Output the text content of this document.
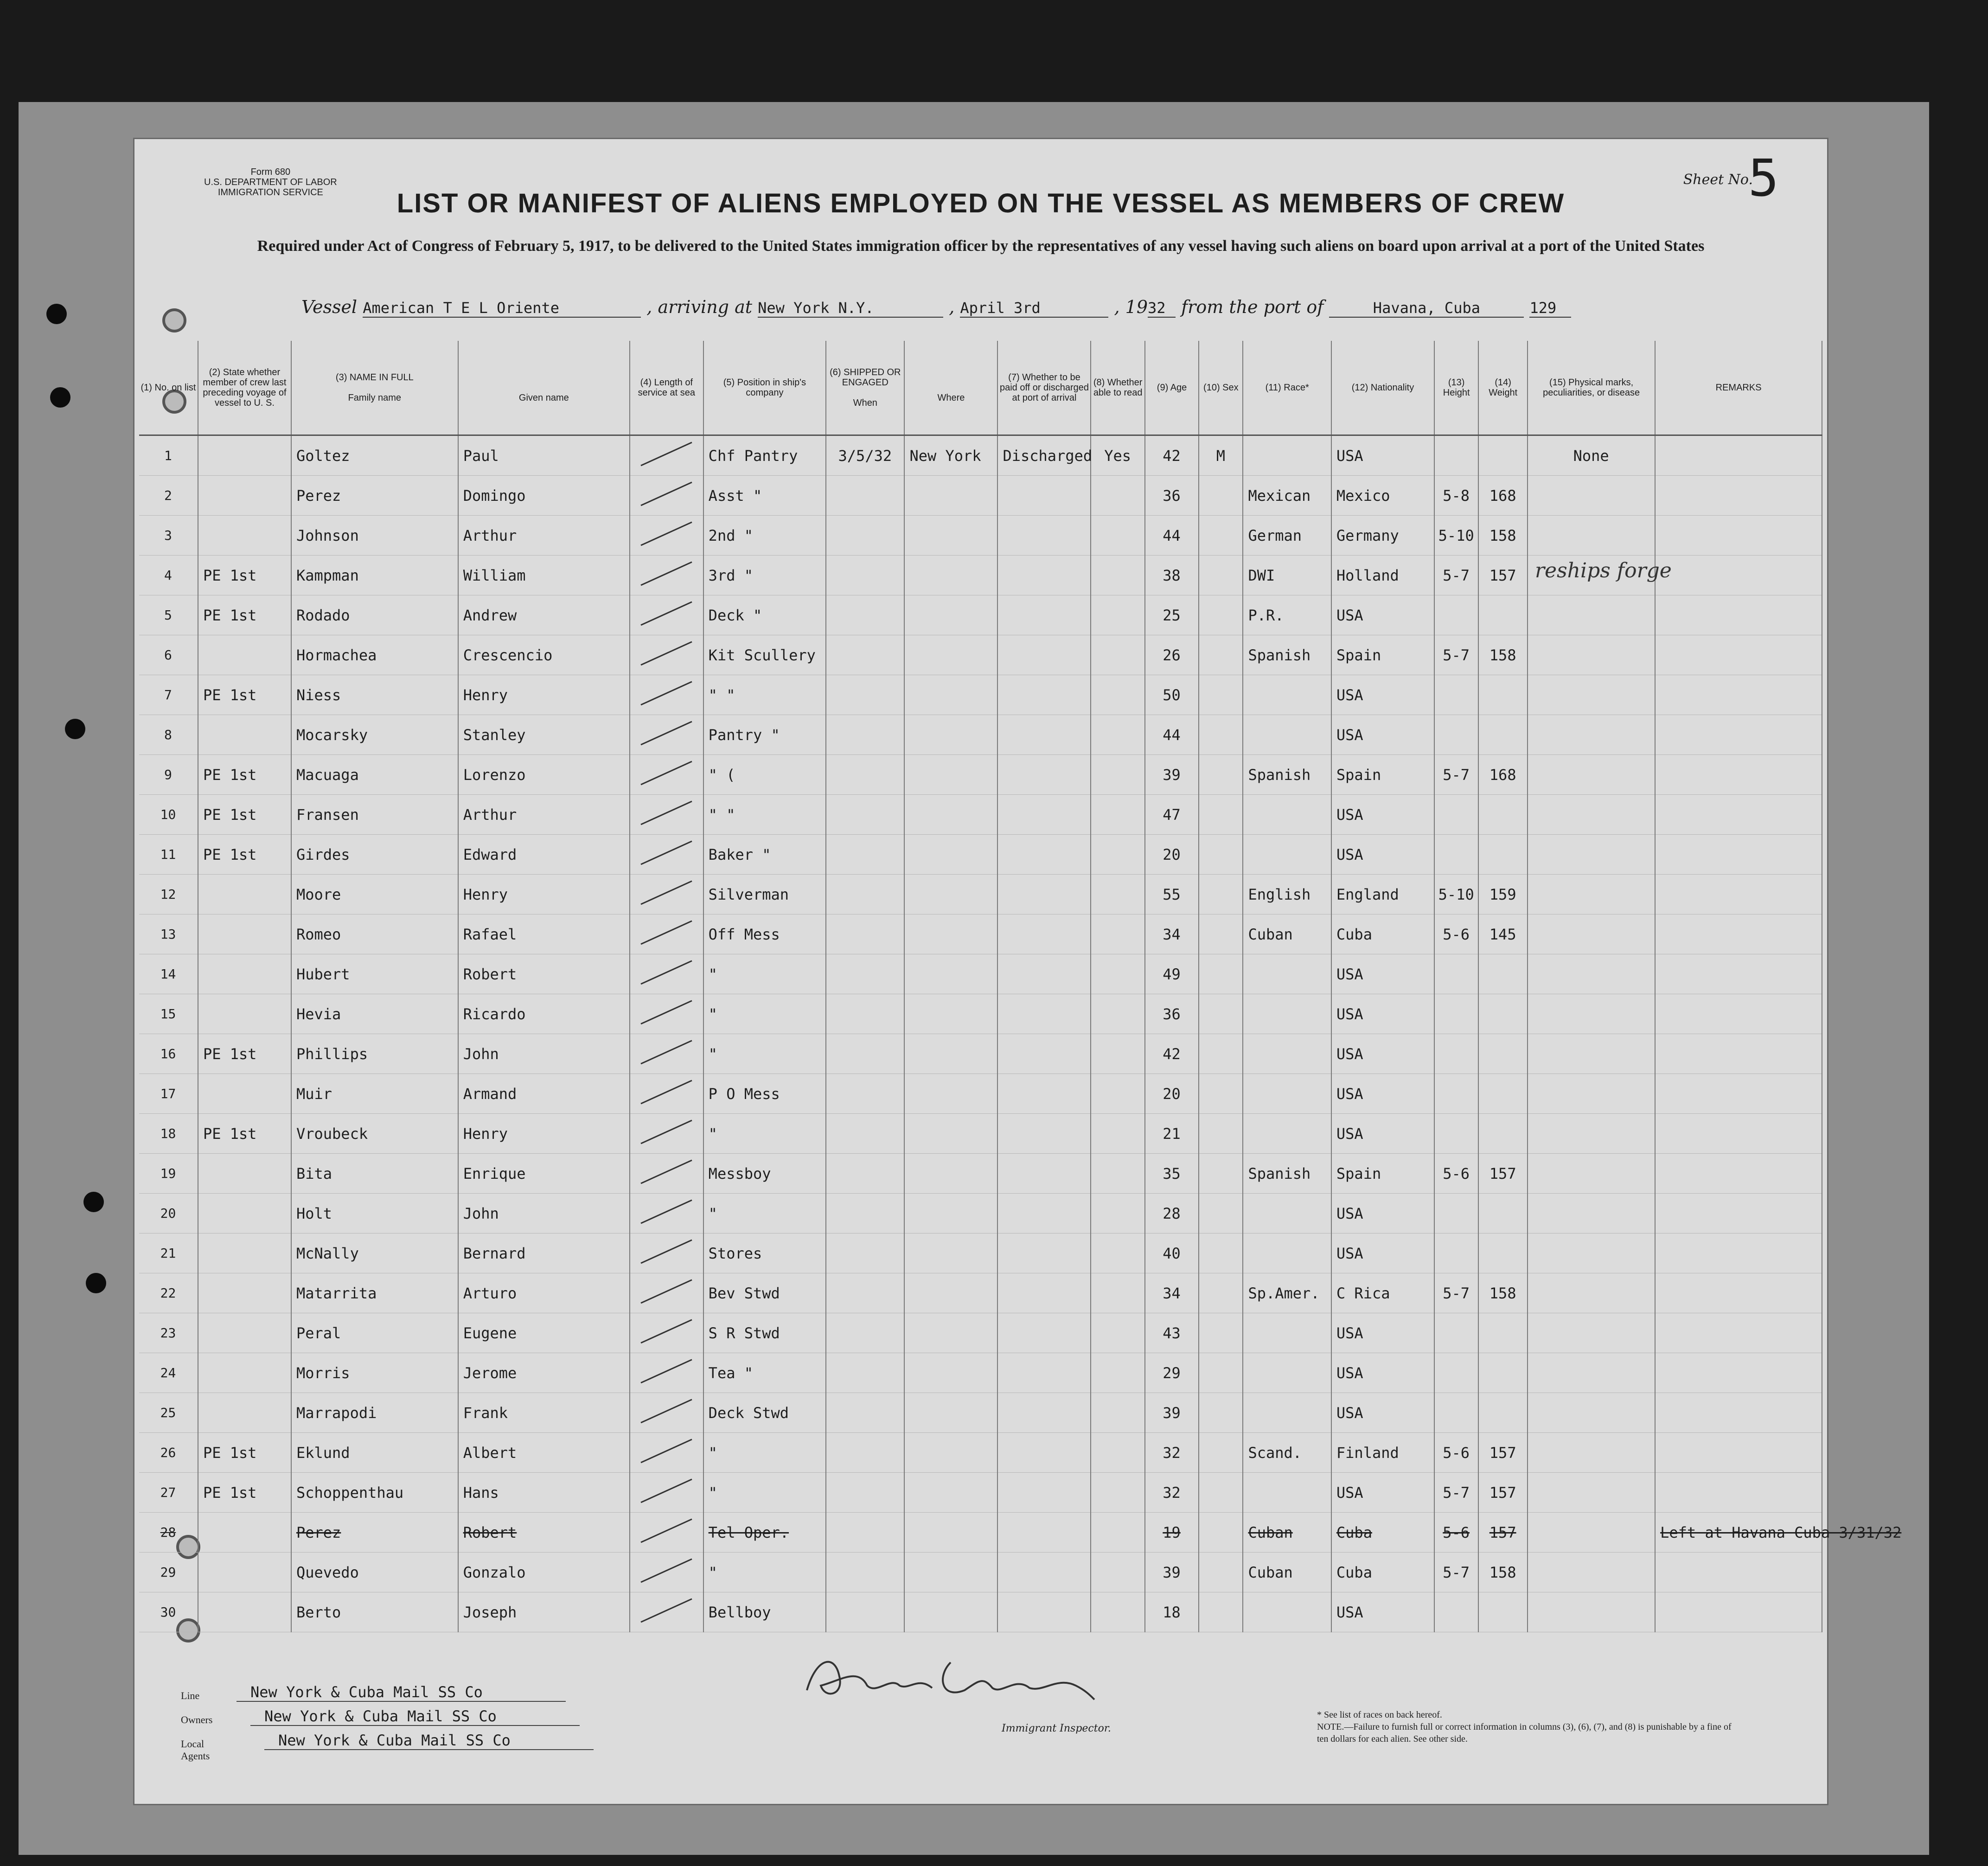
Form 680
U.S. DEPARTMENT OF LABOR
IMMIGRATION SERVICE
Sheet No.
5
LIST OR MANIFEST OF ALIENS EMPLOYED ON THE VESSEL AS MEMBERS OF CREW
Required under Act of Congress of February 5, 1917, to be delivered to the United States immigration officer by the representatives of any vessel having such aliens on board upon arrival at a port of the United States
Vessel American T E L Oriente	, arriving at New York N.Y.	, April 3rd	, 1932 from the port of	Havana, Cuba	129
(1) No. on list	(2) State whether member of crew last preceding voyage of vessel to U. S.	(3) NAME IN FULL

Family name	Given name	(4) Length of service at sea	(5) Position in ship's company	(6) SHIPPED OR ENGAGED

When	Where	(7) Whether to be paid off or discharged at port of arrival	(8) Whether able to read	(9) Age	(10) Sex	(11) Race*	(12) Nationality	(13) Height	(14) Weight	(15) Physical marks, peculiarities, or disease	REMARKS
1		Goltez	Paul		Chf Pantry	3/5/32	New York	Discharged	Yes	42	M		USA			None	
2		Perez	Domingo		Asst "					36		Mexican	Mexico	5-8	168		
3		Johnson	Arthur		2nd "					44		German	Germany	5-10	158		
4	PE 1st	Kampman	William		3rd "					38		DWI	Holland	5-7	157		
5	PE 1st	Rodado	Andrew		Deck "					25		P.R.	USA				
6		Hormachea	Crescencio		Kit Scullery					26		Spanish	Spain	5-7	158		
7	PE 1st	Niess	Henry		" "					50			USA				
8		Mocarsky	Stanley		Pantry "					44			USA				
9	PE 1st	Macuaga	Lorenzo		" (					39		Spanish	Spain	5-7	168		
10	PE 1st	Fransen	Arthur		" "					47			USA				
11	PE 1st	Girdes	Edward		Baker "					20			USA				
12		Moore	Henry		Silverman					55		English	England	5-10	159		
13		Romeo	Rafael		Off Mess					34		Cuban	Cuba	5-6	145		
14		Hubert	Robert		"					49			USA				
15		Hevia	Ricardo		"					36			USA				
16	PE 1st	Phillips	John		"					42			USA				
17		Muir	Armand		P O Mess					20			USA				
18	PE 1st	Vroubeck	Henry		"					21			USA				
19		Bita	Enrique		Messboy					35		Spanish	Spain	5-6	157		
20		Holt	John		"					28			USA				
21		McNally	Bernard		Stores					40			USA				
22		Matarrita	Arturo		Bev Stwd					34		Sp.Amer.	C Rica	5-7	158		
23		Peral	Eugene		S R Stwd					43			USA				
24		Morris	Jerome		Tea "					29			USA				
25		Marrapodi	Frank		Deck Stwd					39			USA				
26	PE 1st	Eklund	Albert		"					32		Scand.	Finland	5-6	157		
27	PE 1st	Schoppenthau	Hans		"					32			USA	5-7	157		
28		Perez	Robert		Tel Oper.					19		Cuban	Cuba	5-6	157		Left at Havana Cuba 3/31/32
29		Quevedo	Gonzalo		"					39		Cuban	Cuba	5-7	158		
30		Berto	Joseph		Bellboy					18			USA				
reships forge
Immigrant Inspector.
Line	New York & Cuba Mail SS Co
Owners	New York & Cuba Mail SS Co
Local Agents
New York & Cuba Mail SS Co
* See list of races on back hereof.
NOTE.—Failure to furnish full or correct information in columns (3), (6), (7), and (8) is punishable by a fine of ten dollars for each alien. See other side.
